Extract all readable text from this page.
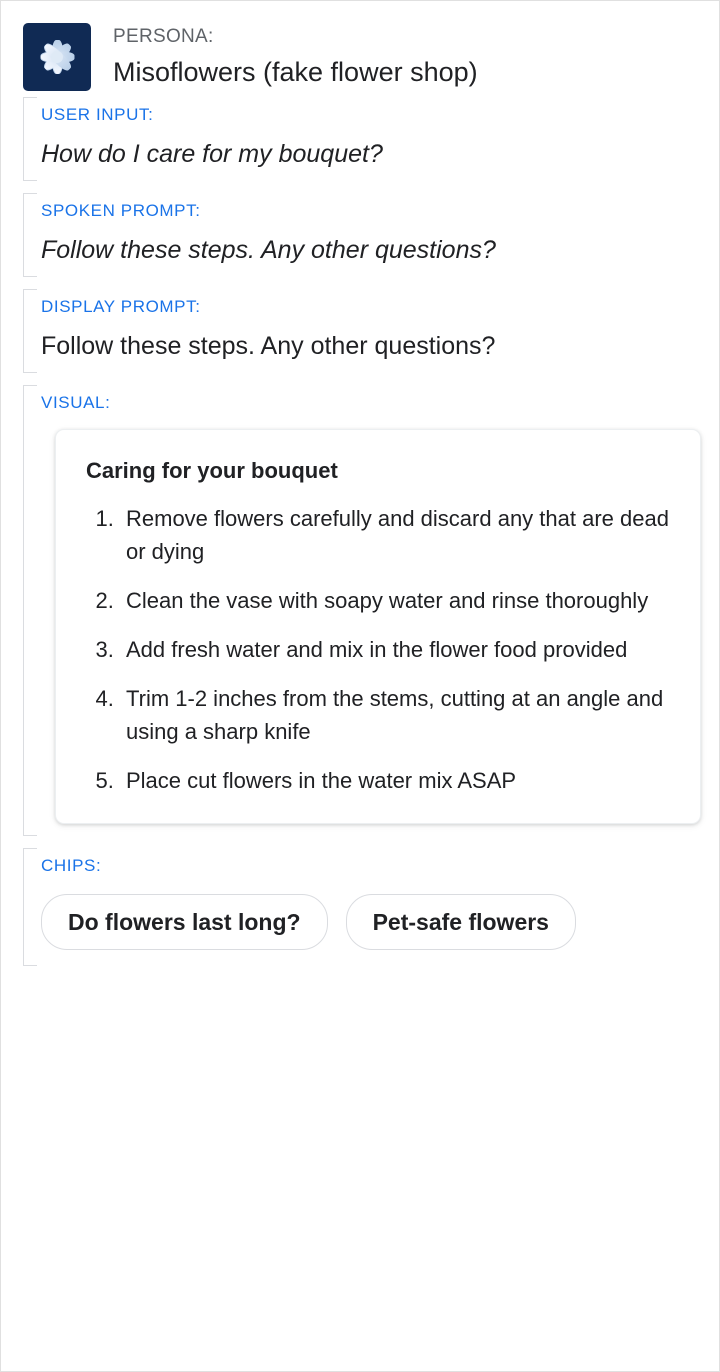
PERSONA:
Misoflowers (fake flower shop)
USER INPUT:
How do I care for my bouquet?
SPOKEN PROMPT:
Follow these steps. Any other questions?
DISPLAY PROMPT:
Follow these steps. Any other questions?
VISUAL:
Caring for your bouquet
1. Remove flowers carefully and discard any that are dead or dying
2. Clean the vase with soapy water and rinse thoroughly
3. Add fresh water and mix in the flower food provided
4. Trim 1-2 inches from the stems, cutting at an angle and using a sharp knife
5. Place cut flowers in the water mix ASAP
CHIPS:
Do flowers last long?	Pet-safe flowers
